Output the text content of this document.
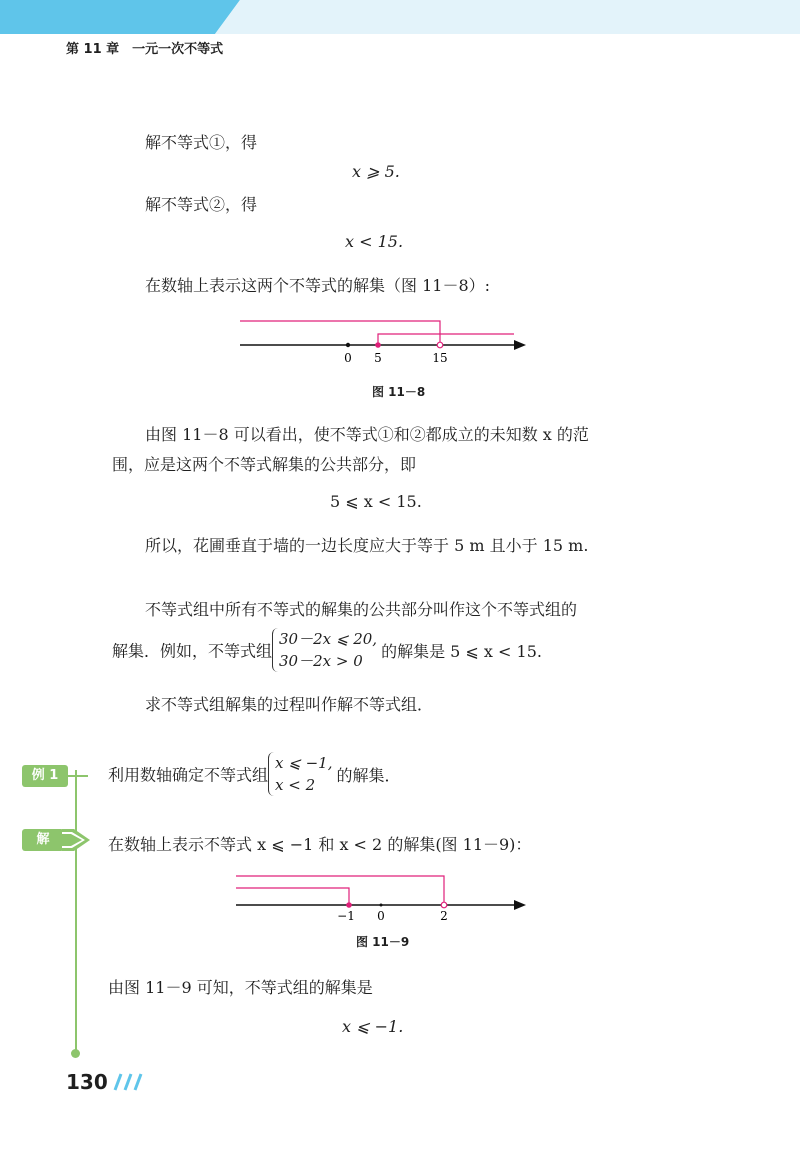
第 11 章　一元一次不等式
解不等式①，得
x ⩾ 5.
解不等式②，得
x < 15.
在数轴上表示这两个不等式的解集（图 11－8）:
0 5	15
图 11－8
由图 11－8 可以看出，使不等式①和②都成立的未知数 x 的范
围，应是这两个不等式解集的公共部分，即
5 ⩽ x < 15.
所以，花圃垂直于墙的一边长度应大于等于 5 m 且小于 15 m.
不等式组中所有不等式的解集的公共部分叫作这个不等式组的
解集．例如，不等式组
30－2x ⩽ 20,
30－2x > 0
的解集是 5 ⩽ x < 15.
求不等式组解集的过程叫作解不等式组．
例 1
解
利用数轴确定不等式组
x ⩽ −1,
x < 2
的解集．
在数轴上表示不等式 x ⩽ −1 和 x < 2 的解集(图 11－9)：
−1 0	2
图 11－9
由图 11－9 可知，不等式组的解集是
x ⩽ −1.
130
